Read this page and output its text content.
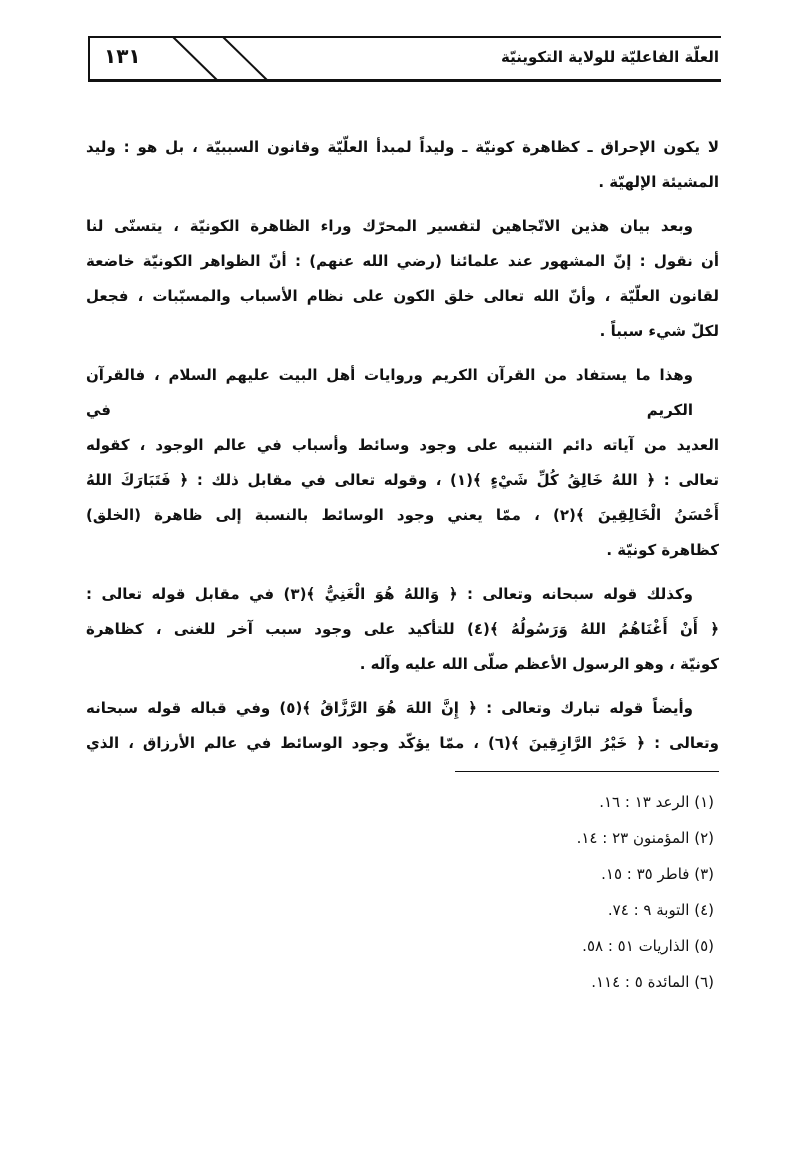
١٣١	العلّة الفاعليّة للولاية التكوينيّة
لا يكون الإحراق ـ كظاهرة كونيّة ـ وليداً لمبدأ العلّيّة وقانون السببيّة ، بل هو : وليد
المشيئة الإلهيّة .
وبعد بيان هذين الاتّجاهين لتفسير المحرّك وراء الظاهرة الكونيّة ، يتسنّى لنا
أن نقول : إنّ المشهور عند علمائنا (رضي الله عنهم) : أنّ الظواهر الكونيّة خاضعة
لقانون العلّيّة ، وأنّ الله تعالى خلق الكون على نظام الأسباب والمسبّبات ، فجعل
لكلّ شيء سبباً .
وهذا ما يستفاد من القرآن الكريم وروايات أهل البيت عليهم السلام ، فالقرآن الكريم في
العديد من آياته دائم التنبيه على وجود وسائط وأسباب في عالم الوجود ، كقوله
تعالى : ﴿ اللهُ خَالِقُ كُلِّ شَيْءٍ ﴾(١) ، وقوله تعالى في مقابل ذلك : ﴿ فَتَبَارَكَ اللهُ
أَحْسَنُ الْخَالِقِينَ ﴾(٢) ، ممّا يعني وجود الوسائط بالنسبة إلى ظاهرة (الخلق)
كظاهرة كونيّة .
وكذلك قوله سبحانه وتعالى : ﴿ وَاللهُ هُوَ الْغَنِيُّ ﴾(٣) في مقابل قوله تعالى :
﴿ أَنْ أَغْنَاهُمُ اللهُ وَرَسُولُهُ ﴾(٤) للتأكيد على وجود سبب آخر للغنى ، كظاهرة
كونيّة ، وهو الرسول الأعظم صلّى الله عليه وآله .
وأيضاً قوله تبارك وتعالى : ﴿ إِنَّ اللهَ هُوَ الرَّزَّاقُ ﴾(٥) وفي قباله قوله سبحانه
وتعالى : ﴿ خَيْرُ الرَّازِقِينَ ﴾(٦) ، ممّا يؤكّد وجود الوسائط في عالم الأرزاق ، الذي
(١) الرعد ١٣ : ١٦.
(٢) المؤمنون ٢٣ : ١٤.
(٣) فاطر ٣٥ : ١٥.
(٤) التوبة ٩ : ٧٤.
(٥) الذاريات ٥١ : ٥٨.
(٦) المائدة ٥ : ١١٤.
